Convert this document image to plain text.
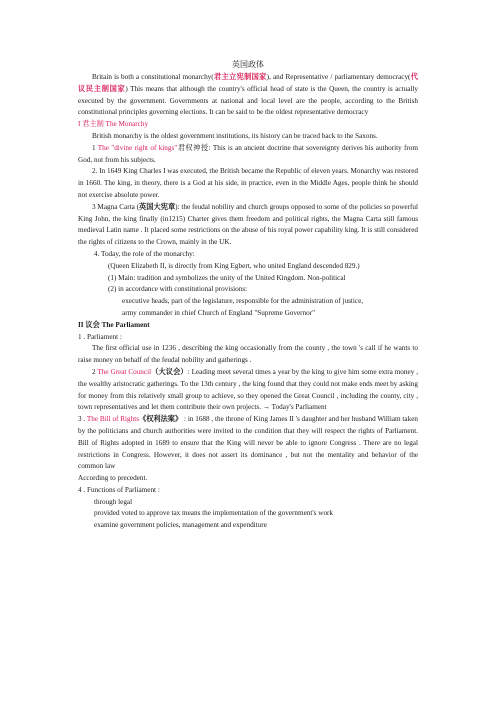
英国政体

Britain is both a constitutional monarchy(君主立宪制国家), and Representative / parliamentary democracy(代议民主制国家) This means that although the country's official head of state is the Queen, the country is actually executed by the government. Governments at national and local level are the people, according to the British constitutional principles governing elections. It can be said to be the oldest representative democracy

I 君主制 The Monarchy

British monarchy is the oldest government institutions, its history can be traced back to the Saxons.

1 The "divine right of kings"君权神授: This is an ancient doctrine that sovereignty derives his authority from God, not from his subjects.

2. In 1649 King Charles I was executed, the British became the Republic of eleven years. Monarchy was restored in 1660. The king, in theory, there is a God at his side, in practice, even in the Middle Ages, people think he should not exercise absolute power.

3 Magna Carta (英国大宪章): the feudal nobility and church groups opposed to some of the policies so powerful King John, the king finally (in1215) Charter gives them freedom and political rights, the Magna Carta still famous medieval Latin name . It placed some restrictions on the abuse of his royal power capability king. It is still considered the rights of citizens to the Crown, mainly in the UK.

4. Today, the role of the monarchy:

(Queen Elizabeth II, is directly from King Egbert, who united England descended 829.)

(1) Main: tradition and symbolizes the unity of the United Kingdom. Non-political

(2) in accordance with constitutional provisions:

executive heads, part of the legislature, responsible for the administration of justice,

army commander in chief Church of England "Supreme Governor"

II 议会 The Parliament

1 . Parliament :

The first official use in 1236 , describing the king occasionally from the county , the town 's call if he wants to raise money on behalf of the feudal nobility and gatherings .

2 The Great Council（大议会）: Leading meet several times a year by the king to give him some extra money , the wealthy aristocratic gatherings. To the 13th century , the king found that they could not make ends meet by asking for money from this relatively small group to achieve, so they opened the Great Council , including the county, city , town representatives and let them contribute their own projects. → Today's Parliament

3 . The Bill of Rights《权利法案》 : in 1688 , the throne of King James II 's daughter and her husband William taken by the politicians and church authorities were invited to the condition that they will respect the rights of Parliament. Bill of Rights adopted in 1689 to ensure that the King will never be able to ignore Congress . There are no legal restrictions in Congress. However, it does not assert its dominance , but not the mentality and behavior of the common law

According to precedent.

4 . Functions of Parliament :

through legal

provided voted to approve tax means the implementation of the government's work

examine government policies, management and expenditure
